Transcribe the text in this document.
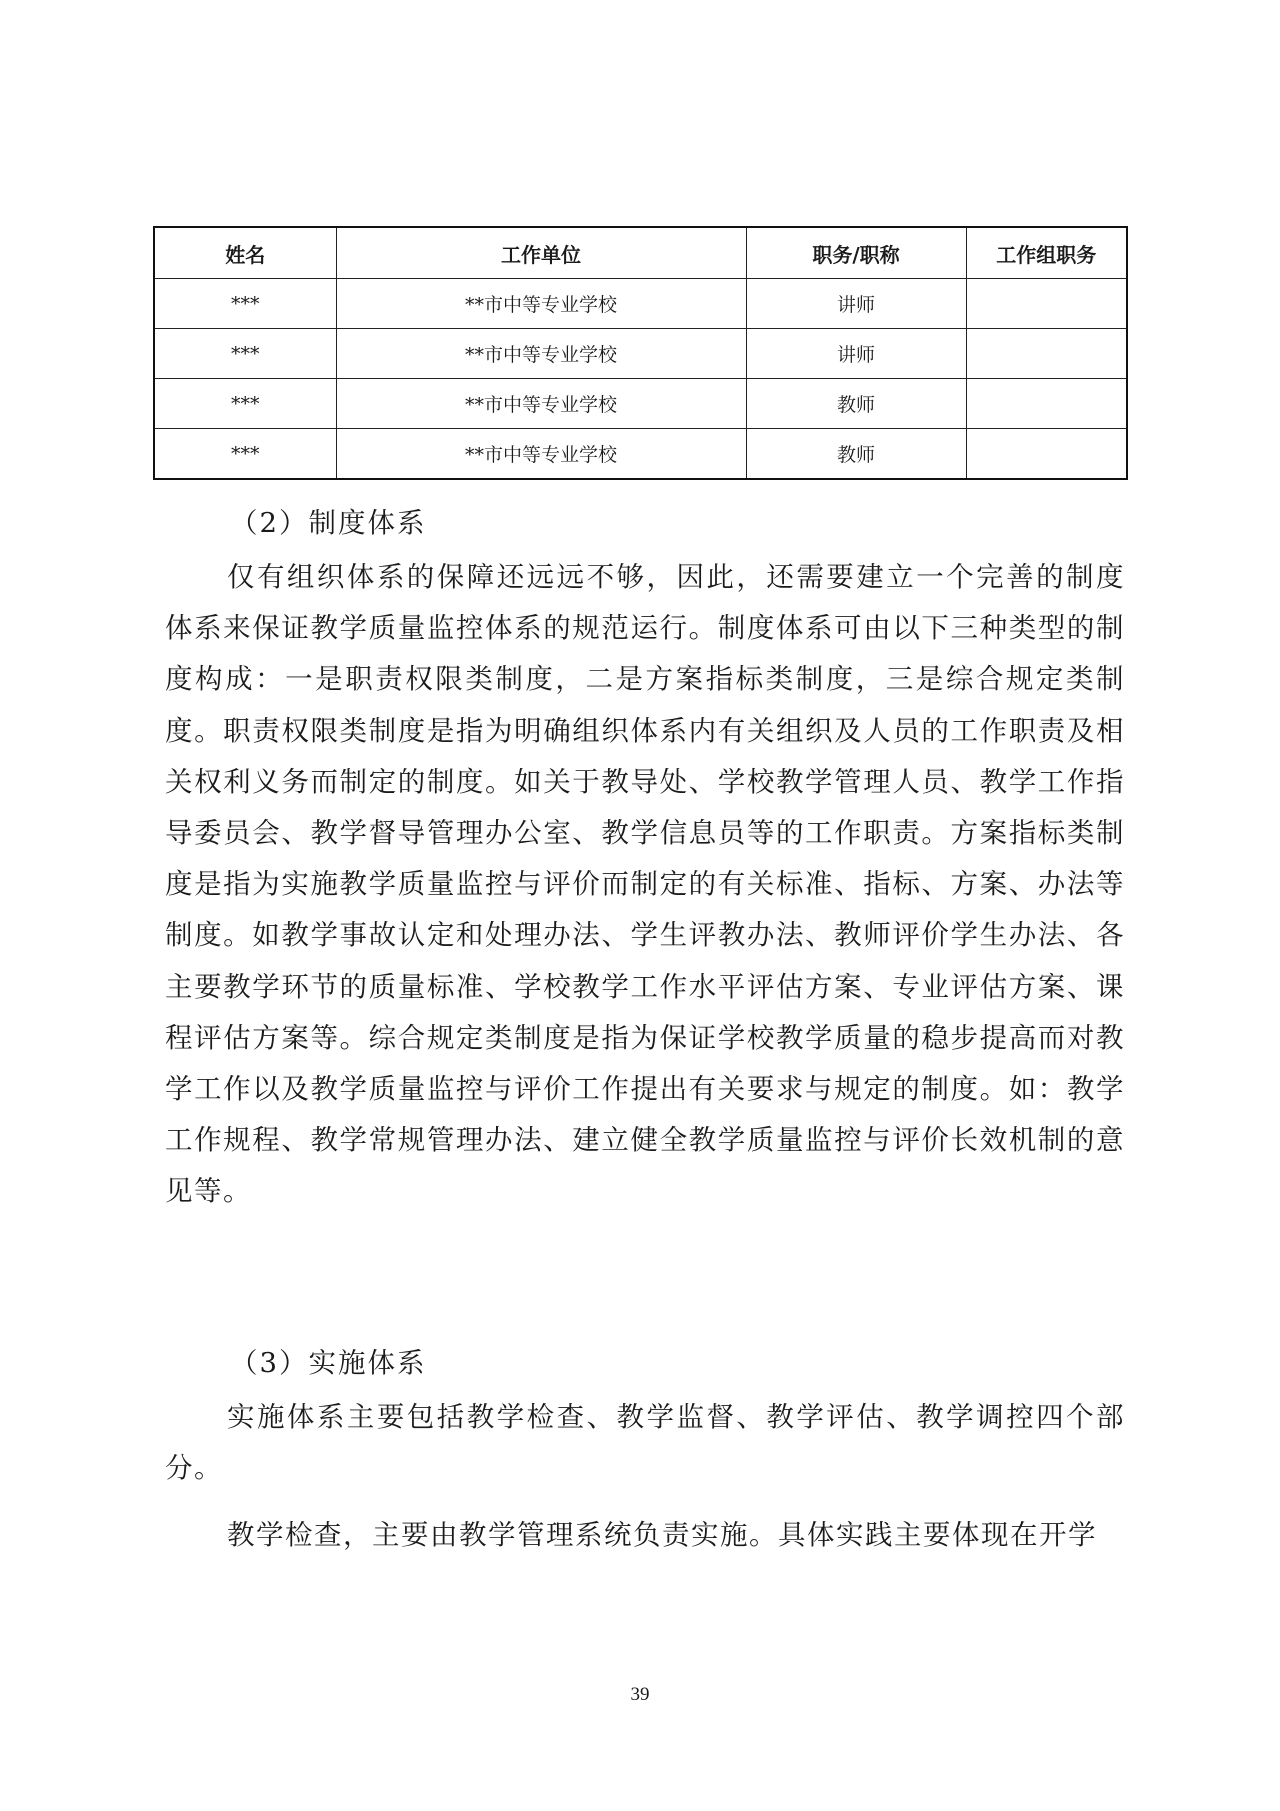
姓名	工作单位	职务/职称	工作组职务
***	**市中等专业学校	讲师	
***	**市中等专业学校	讲师	
***	**市中等专业学校	教师	
***	**市中等专业学校	教师	
（2）制度体系
仅有组织体系的保障还远远不够，因此，还需要建立一个完善的制度体系来保证教学质量监控体系的规范运行。制度体系可由以下三种类型的制度构成：一是职责权限类制度，二是方案指标类制度，三是综合规定类制度。职责权限类制度是指为明确组织体系内有关组织及人员的工作职责及相关权利义务而制定的制度。如关于教导处、学校教学管理人员、教学工作指导委员会、教学督导管理办公室、教学信息员等的工作职责。方案指标类制度是指为实施教学质量监控与评价而制定的有关标准、指标、方案、办法等制度。如教学事故认定和处理办法、学生评教办法、教师评价学生办法、各主要教学环节的质量标准、学校教学工作水平评估方案、专业评估方案、课程评估方案等。综合规定类制度是指为保证学校教学质量的稳步提高而对教学工作以及教学质量监控与评价工作提出有关要求与规定的制度。如：教学工作规程、教学常规管理办法、建立健全教学质量监控与评价长效机制的意见等。
（3）实施体系
实施体系主要包括教学检查、教学监督、教学评估、教学调控四个部分。
教学检查，主要由教学管理系统负责实施。具体实践主要体现在开学
39
